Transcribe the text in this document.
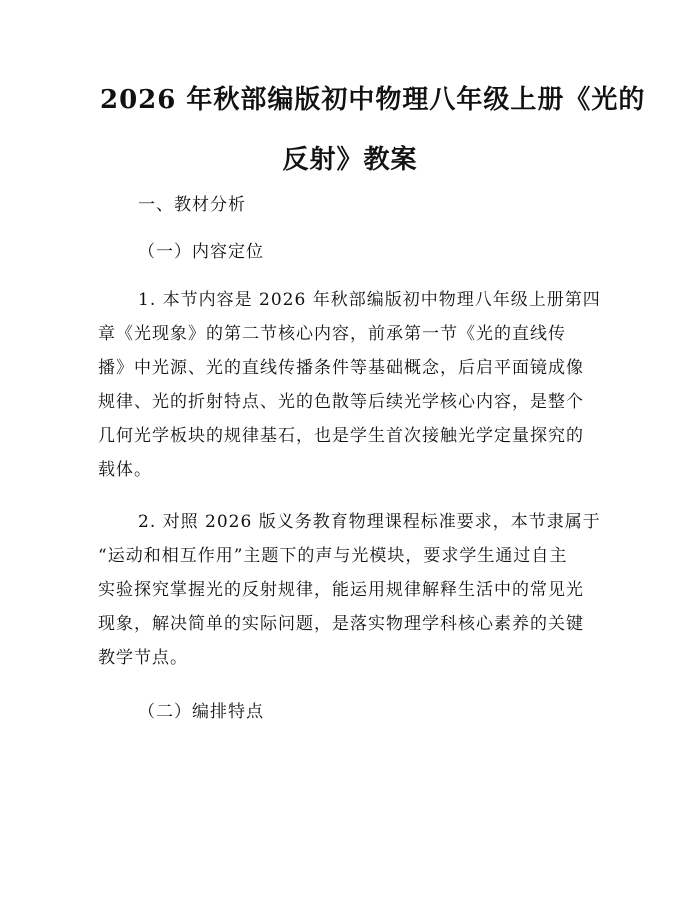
2026 年秋部编版初中物理八年级上册《光的
反射》教案
一、教材分析
（一）内容定位
1. 本节内容是 2026 年秋部编版初中物理八年级上册第四
章《光现象》的第二节核心内容，前承第一节《光的直线传
播》中光源、光的直线传播条件等基础概念，后启平面镜成像
规律、光的折射特点、光的色散等后续光学核心内容，是整个
几何光学板块的规律基石，也是学生首次接触光学定量探究的
载体。
2. 对照 2026 版义务教育物理课程标准要求，本节隶属于
“运动和相互作用”主题下的声与光模块，要求学生通过自主
实验探究掌握光的反射规律，能运用规律解释生活中的常见光
现象，解决简单的实际问题，是落实物理学科核心素养的关键
教学节点。
（二）编排特点
